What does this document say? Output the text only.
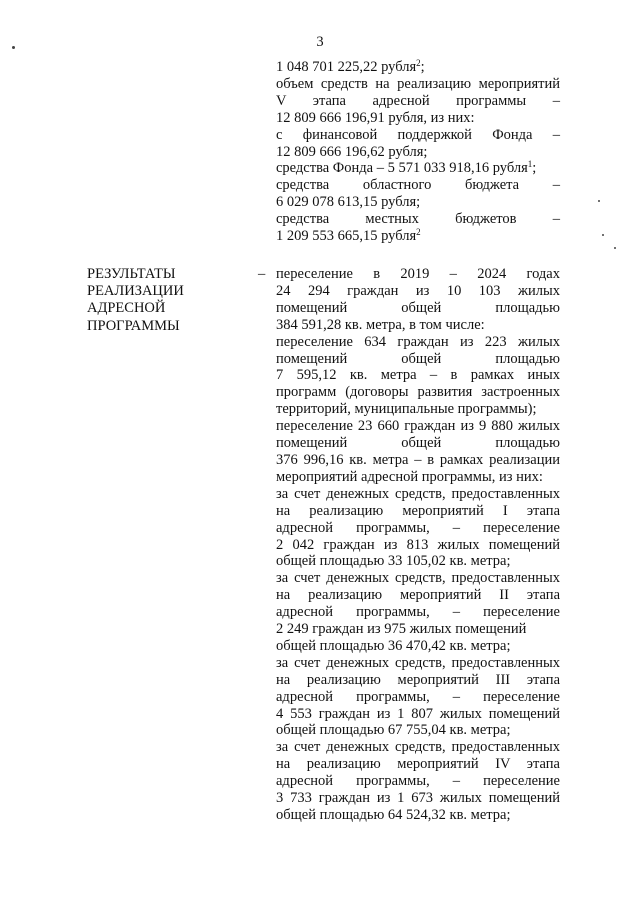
3
1 048 701 225,22 рубля$^2$;
объем средств на реализацию мероприятий
V этапа адресной программы –
12 809 666 196,91 рубля, из них:
с финансовой поддержкой Фонда –
12 809 666 196,62 рубля;
средства Фонда – 5 571 033 918,16 рубля$^1$;
средства областного бюджета –
6 029 078 613,15 рубля;
средства местных бюджетов –
1 209 553 665,15 рубля$^2$
РЕЗУЛЬТАТЫ
РЕАЛИЗАЦИИ
АДРЕСНОЙ
ПРОГРАММЫ
– переселение в 2019 – 2024 годах
24 294 граждан из 10 103 жилых
помещений общей площадью
384 591,28 кв. метра, в том числе:
переселение 634 граждан из 223 жилых
помещений общей площадью
7 595,12 кв. метра – в рамках иных
программ (договоры развития застроенных
территорий, муниципальные программы);
переселение 23 660 граждан из 9 880 жилых
помещений общей площадью
376 996,16 кв. метра – в рамках реализации
мероприятий адресной программы, из них:
за счет денежных средств, предоставленных
на реализацию мероприятий I этапа
адресной программы, – переселение
2 042 граждан из 813 жилых помещений
общей площадью 33 105,02 кв. метра;
за счет денежных средств, предоставленных
на реализацию мероприятий II этапа
адресной программы, – переселение
2 249 граждан из 975 жилых помещений
общей площадью 36 470,42 кв. метра;
за счет денежных средств, предоставленных
на реализацию мероприятий III этапа
адресной программы, – переселение
4 553 граждан из 1 807 жилых помещений
общей площадью 67 755,04 кв. метра;
за счет денежных средств, предоставленных
на реализацию мероприятий IV этапа
адресной программы, – переселение
3 733 граждан из 1 673 жилых помещений
общей площадью 64 524,32 кв. метра;
